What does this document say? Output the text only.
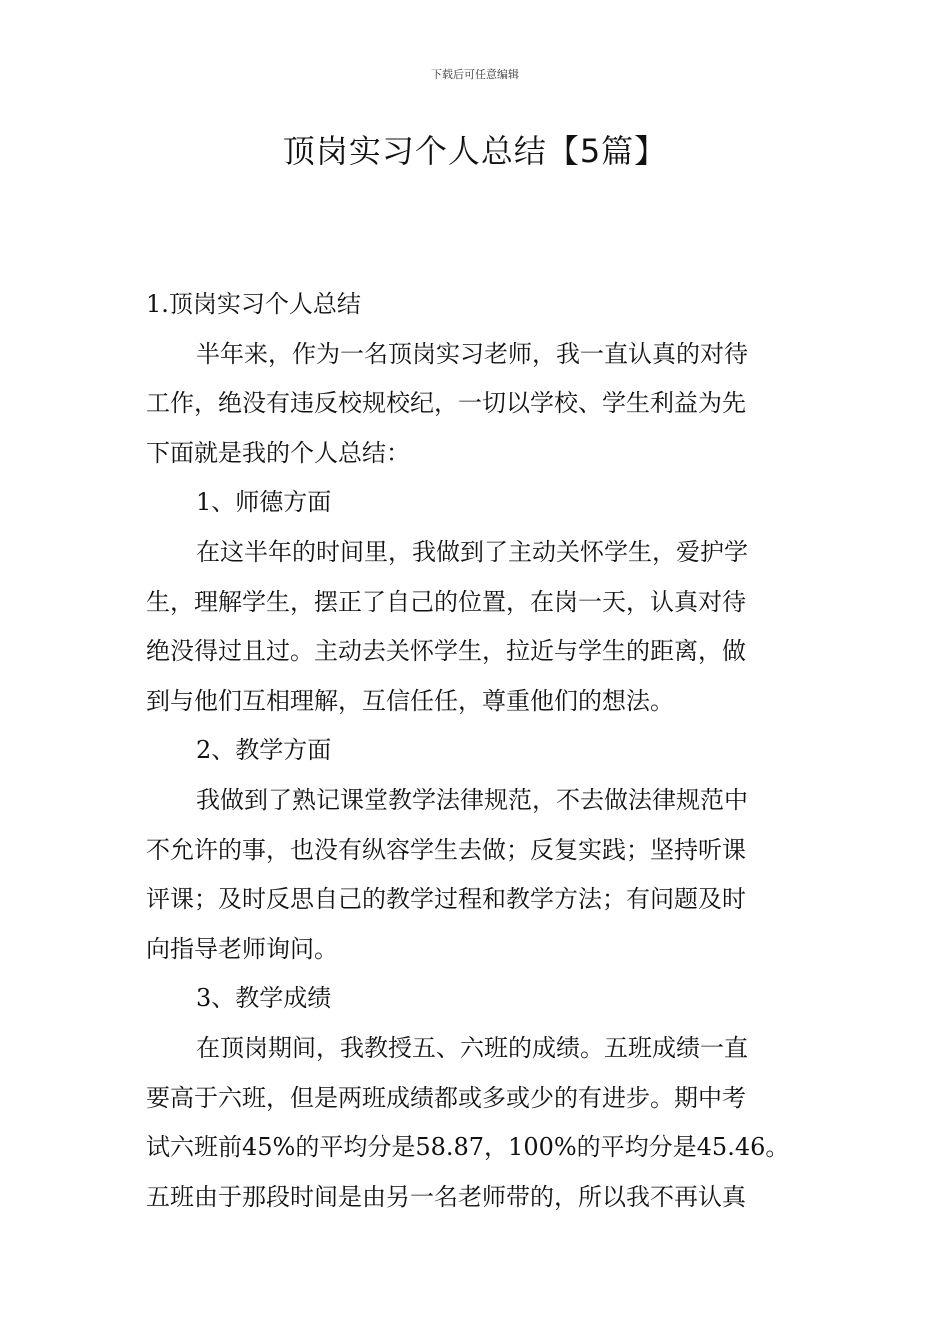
下载后可任意编辑
顶岗实习个人总结【5篇】
1.顶岗实习个人总结
半年来，作为一名顶岗实习老师，我一直认真的对待
工作，绝没有违反校规校纪，一切以学校、学生利益为先
下面就是我的个人总结：
1、师德方面
在这半年的时间里，我做到了主动关怀学生，爱护学
生，理解学生，摆正了自己的位置，在岗一天，认真对待
绝没得过且过。主动去关怀学生，拉近与学生的距离，做
到与他们互相理解，互信任任，尊重他们的想法。
2、教学方面
我做到了熟记课堂教学法律规范，不去做法律规范中
不允许的事，也没有纵容学生去做；反复实践；坚持听课
评课；及时反思自己的教学过程和教学方法；有问题及时
向指导老师询问。
3、教学成绩
在顶岗期间，我教授五、六班的成绩。五班成绩一直
要高于六班，但是两班成绩都或多或少的有进步。期中考
试六班前45%的平均分是58.87，100%的平均分是45.46。
五班由于那段时间是由另一名老师带的，所以我不再认真
